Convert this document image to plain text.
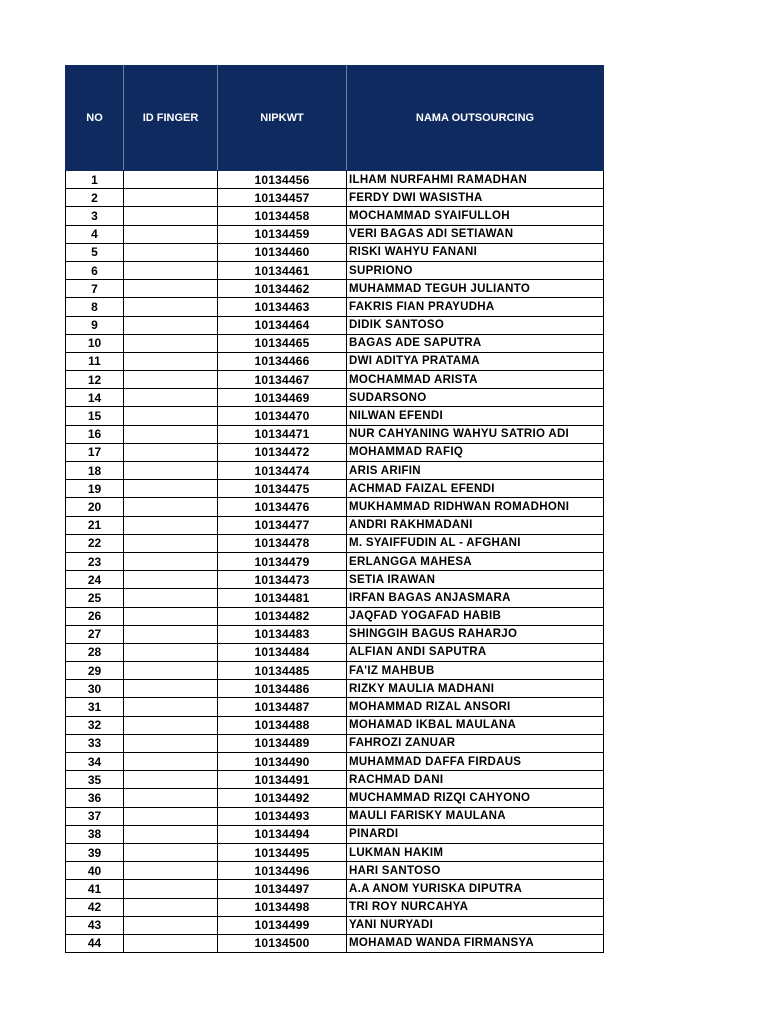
NO	ID FINGER	NIPKWT	NAMA OUTSOURCING
1		10134456	ILHAM NURFAHMI RAMADHAN
2		10134457	FERDY DWI WASISTHA
3		10134458	MOCHAMMAD SYAIFULLOH
4		10134459	VERI BAGAS ADI SETIAWAN
5		10134460	RISKI WAHYU FANANI
6		10134461	SUPRIONO
7		10134462	MUHAMMAD TEGUH JULIANTO
8		10134463	FAKRIS FIAN PRAYUDHA
9		10134464	DIDIK SANTOSO
10		10134465	BAGAS ADE SAPUTRA
11		10134466	DWI ADITYA PRATAMA
12		10134467	MOCHAMMAD ARISTA
14		10134469	SUDARSONO
15		10134470	NILWAN EFENDI
16		10134471	NUR CAHYANING WAHYU SATRIO ADI
17		10134472	MOHAMMAD RAFIQ
18		10134474	ARIS ARIFIN
19		10134475	ACHMAD FAIZAL EFENDI
20		10134476	MUKHAMMAD RIDHWAN ROMADHONI
21		10134477	ANDRI RAKHMADANI
22		10134478	M. SYAIFFUDIN AL - AFGHANI
23		10134479	ERLANGGA MAHESA
24		10134473	SETIA IRAWAN
25		10134481	IRFAN BAGAS ANJASMARA
26		10134482	JAQFAD YOGAFAD HABIB
27		10134483	SHINGGIH BAGUS RAHARJO
28		10134484	ALFIAN ANDI SAPUTRA
29		10134485	FA'IZ MAHBUB
30		10134486	RIZKY MAULIA MADHANI
31		10134487	MOHAMMAD RIZAL ANSORI
32		10134488	MOHAMAD IKBAL MAULANA
33		10134489	FAHROZI ZANUAR
34		10134490	MUHAMMAD DAFFA FIRDAUS
35		10134491	RACHMAD DANI
36		10134492	MUCHAMMAD RIZQI CAHYONO
37		10134493	MAULI FARISKY MAULANA
38		10134494	PINARDI
39		10134495	LUKMAN HAKIM
40		10134496	HARI SANTOSO
41		10134497	A.A ANOM YURISKA DIPUTRA
42		10134498	TRI ROY NURCAHYA
43		10134499	YANI NURYADI
44		10134500	MOHAMAD WANDA FIRMANSYA
